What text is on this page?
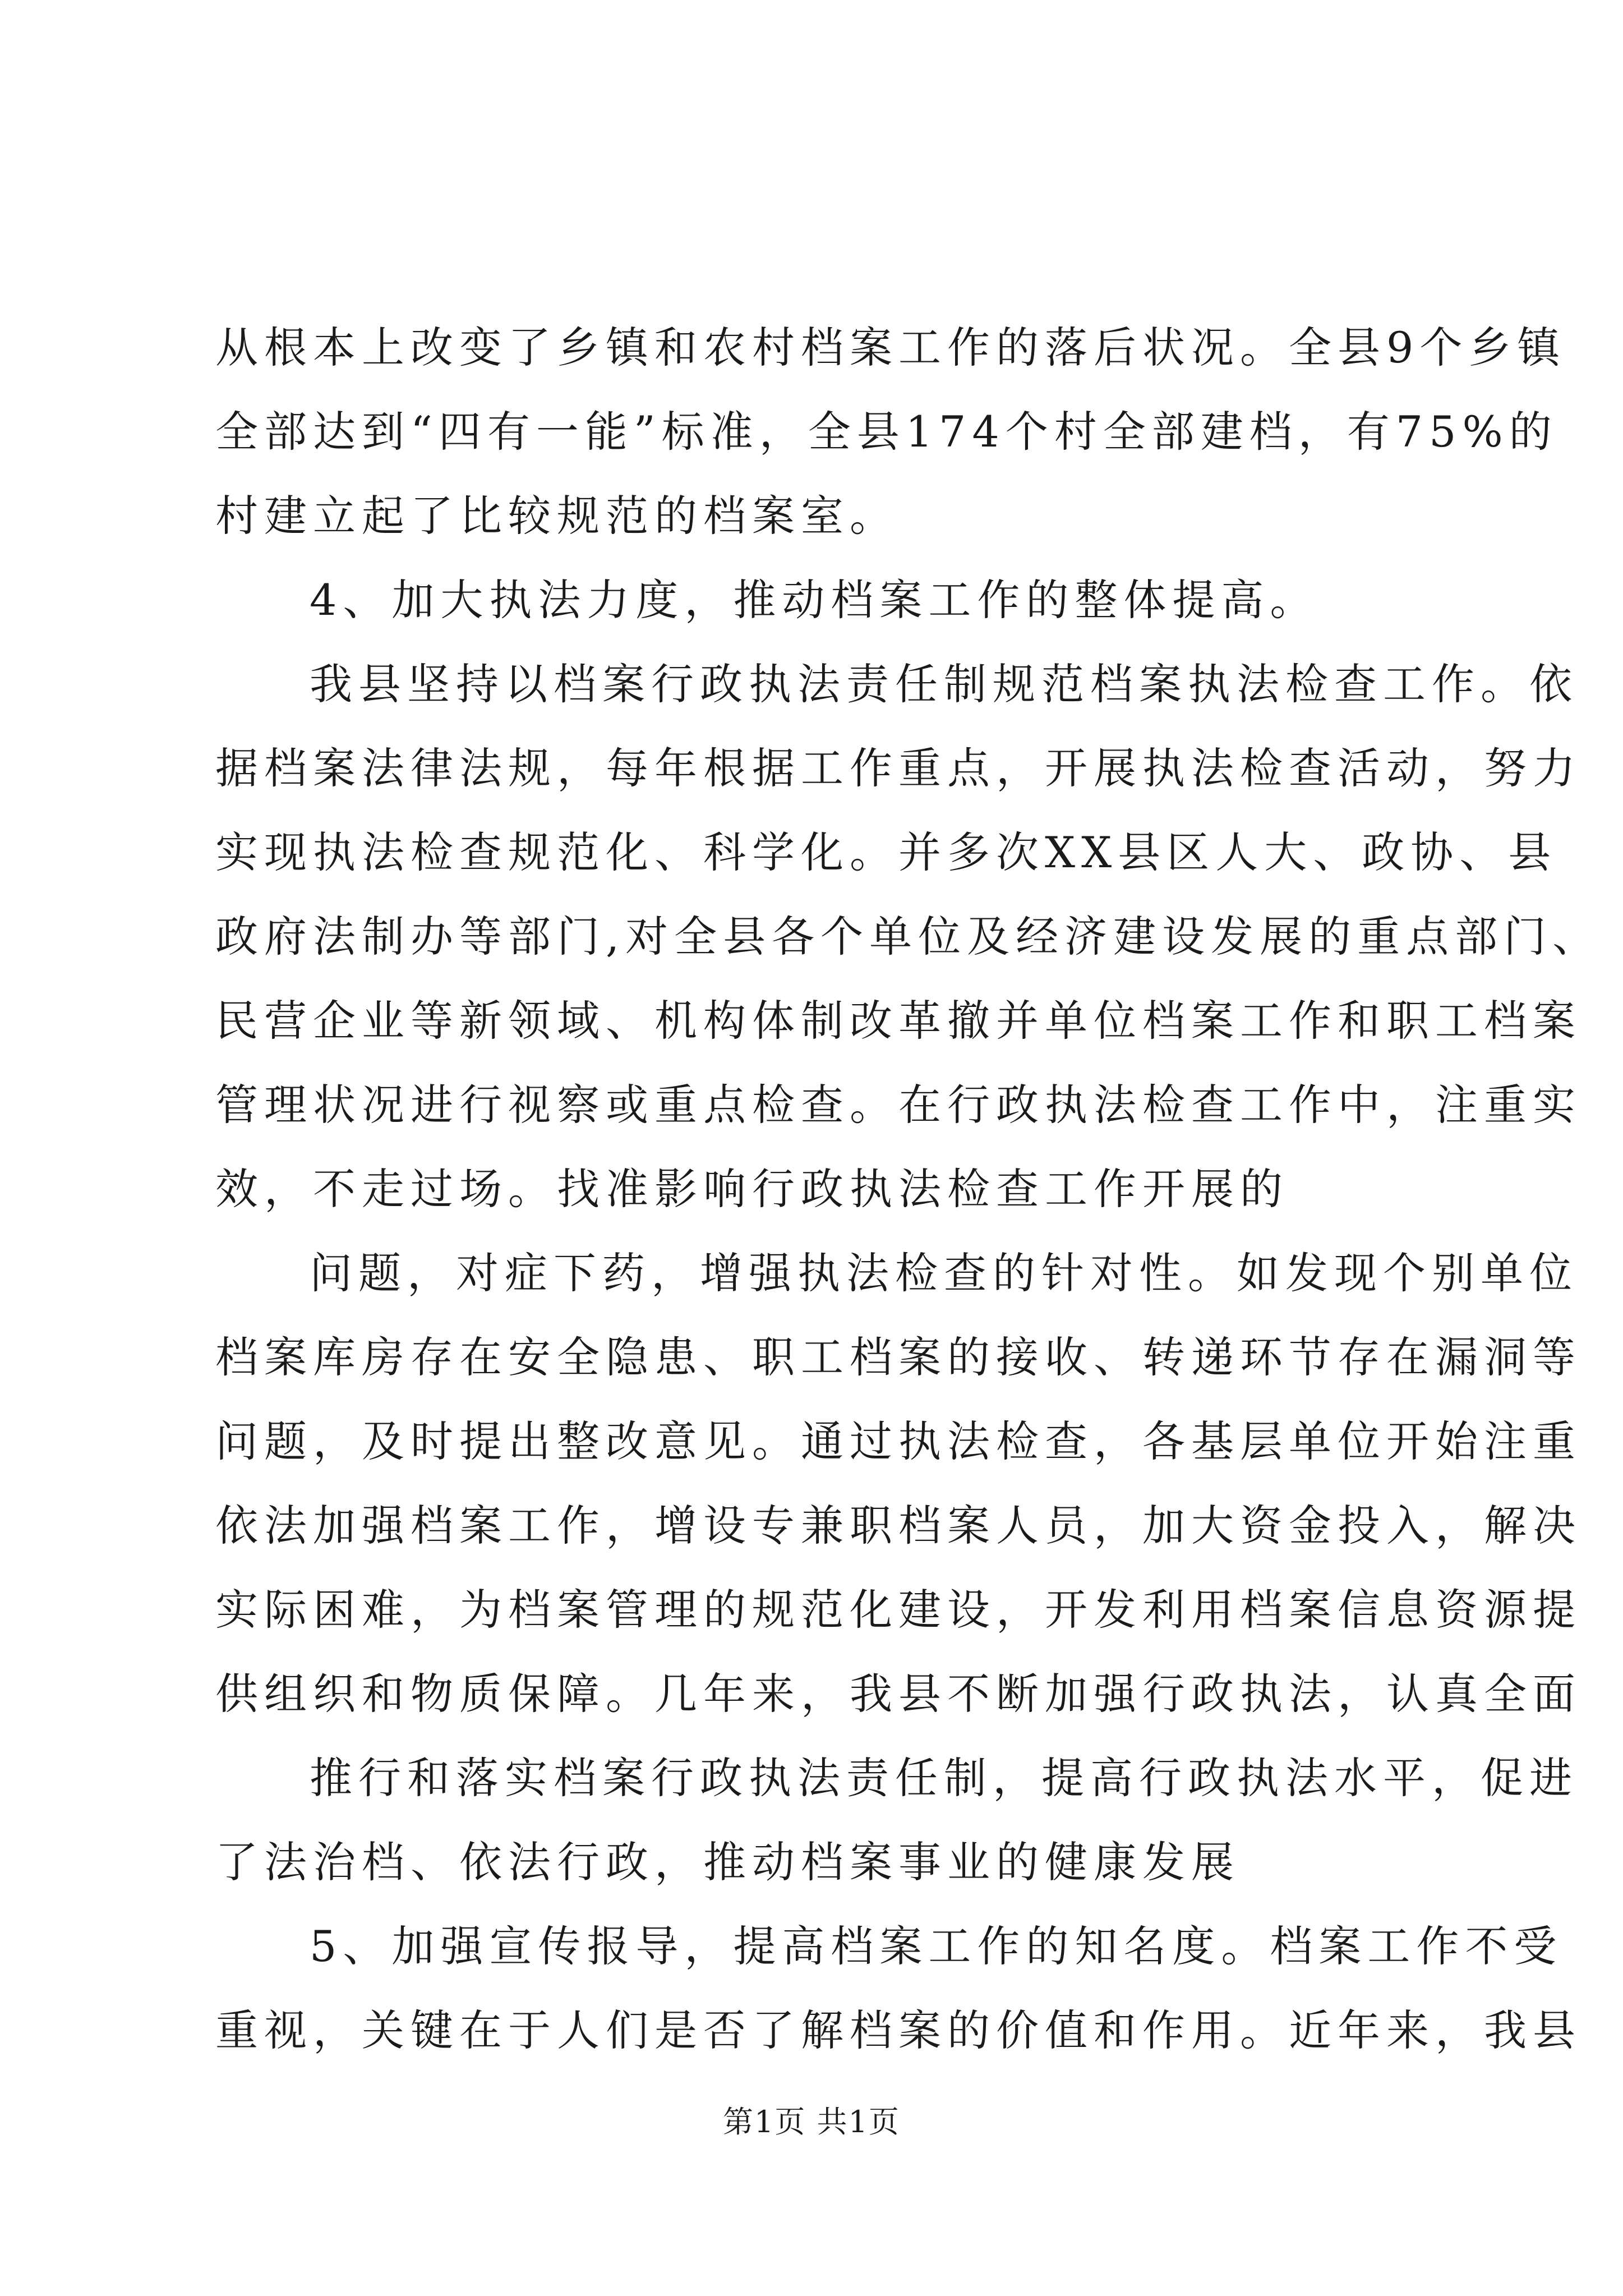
从根本上改变了乡镇和农村档案工作的落后状况。全县9个乡镇
全部达到“四有一能”标准，全县174个村全部建档，有75%的
村建立起了比较规范的档案室。
4、加大执法力度，推动档案工作的整体提高。
我县坚持以档案行政执法责任制规范档案执法检查工作。依
据档案法律法规，每年根据工作重点，开展执法检查活动，努力
实现执法检查规范化、科学化。并多次XX县区人大、政协、县
政府法制办等部门,对全县各个单位及经济建设发展的重点部门、
民营企业等新领域、机构体制改革撤并单位档案工作和职工档案
管理状况进行视察或重点检查。在行政执法检查工作中，注重实
效，不走过场。找准影响行政执法检查工作开展的
问题，对症下药，增强执法检查的针对性。如发现个别单位
档案库房存在安全隐患、职工档案的接收、转递环节存在漏洞等
问题，及时提出整改意见。通过执法检查，各基层单位开始注重
依法加强档案工作，增设专兼职档案人员，加大资金投入，解决
实际困难，为档案管理的规范化建设，开发利用档案信息资源提
供组织和物质保障。几年来，我县不断加强行政执法，认真全面
推行和落实档案行政执法责任制，提高行政执法水平，促进
了法治档、依法行政，推动档案事业的健康发展
5、加强宣传报导，提高档案工作的知名度。档案工作不受
重视，关键在于人们是否了解档案的价值和作用。近年来，我县
第1页 共1页
